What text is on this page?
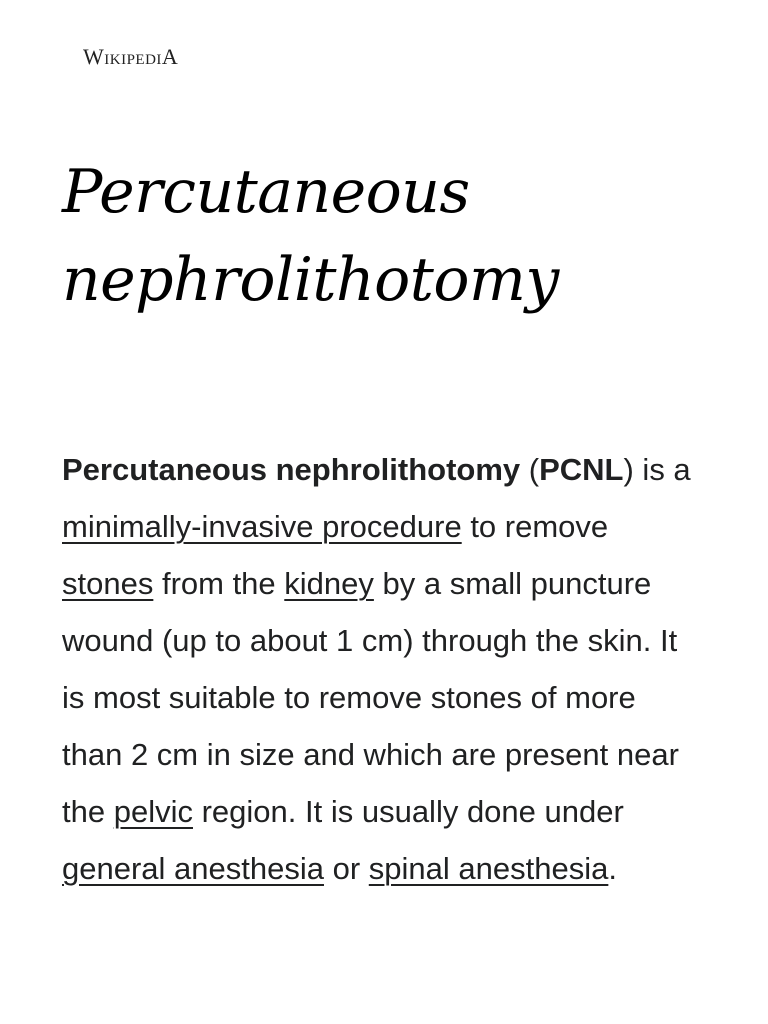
WIKIPEDIA
Percutaneous
nephrolithotomy

Percutaneous nephrolithotomy (PCNL) is a minimally-invasive procedure to remove stones from the kidney by a small puncture wound (up to about 1 cm) through the skin. It is most suitable to remove stones of more than 2 cm in size and which are present near the pelvic region. It is usually done under general anesthesia or spinal anesthesia.
